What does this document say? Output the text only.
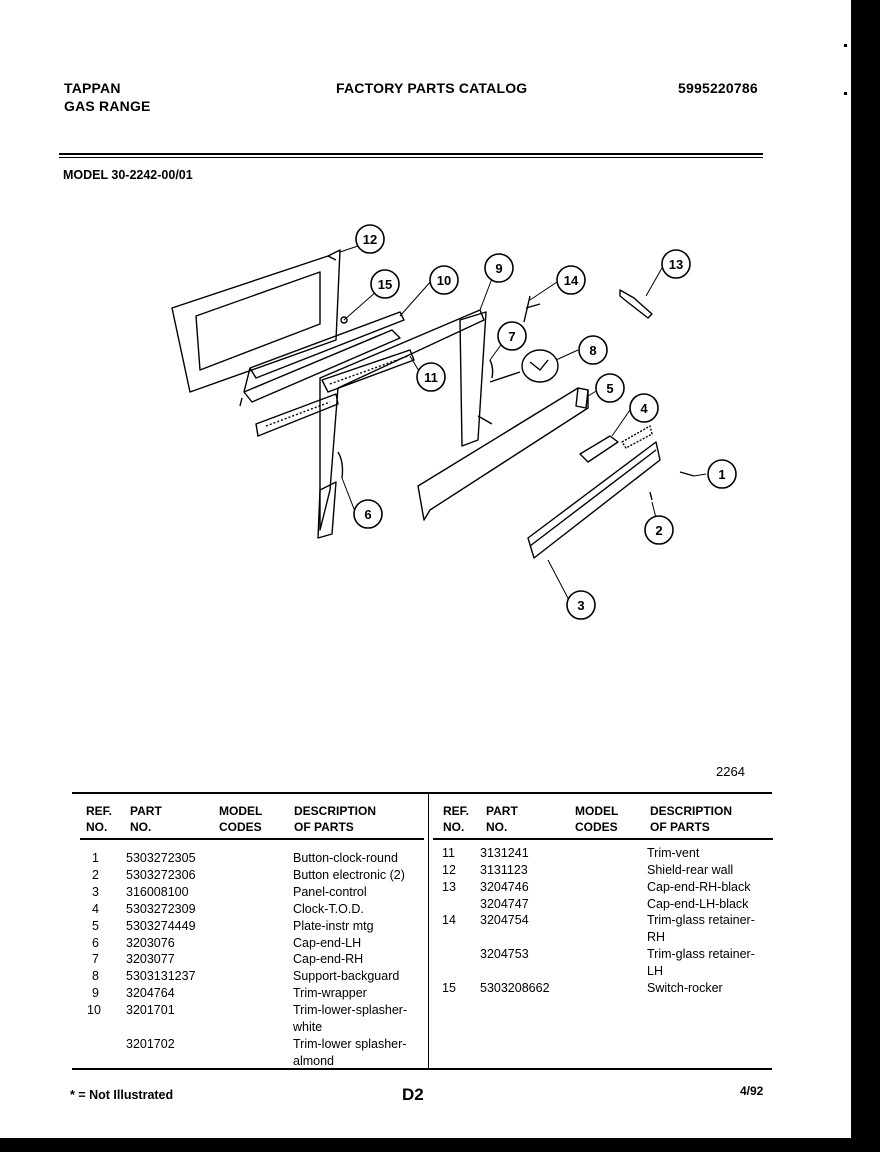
TAPPAN
GAS RANGE
FACTORY PARTS CATALOG	5995220786
MODEL 30-2242-00/01
1
2
3
4
5
6
7
8
9
10
11
12
13
14
15
2264
REF.
NO.
PART
NO.
MODEL
CODES
DESCRIPTION
OF PARTS
REF.
NO.
PART
NO.
MODEL
CODES
DESCRIPTION
OF PARTS
1 5303272305	Button-clock-round
2 5303272306	Button electronic (2)
3 316008100	Panel-control
4 5303272309	Clock-T.O.D.
5 5303274449	Plate-instr mtg
6 3203076	Cap-end-LH
7 3203077	Cap-end-RH
8 5303131237	Support-backguard
9 3204764	Trim-wrapper
10 3201701	Trim-lower-splasher-
white
3201702	Trim-lower splasher-
almond
11 3131241	Trim-vent
12 3131123	Shield-rear wall
13 3204746	Cap-end-RH-black
3204747	Cap-end-LH-black
14 3204754	Trim-glass retainer-
RH
3204753	Trim-glass retainer-
LH
15 5303208662	Switch-rocker
* = Not Illustrated	D2	4/92
